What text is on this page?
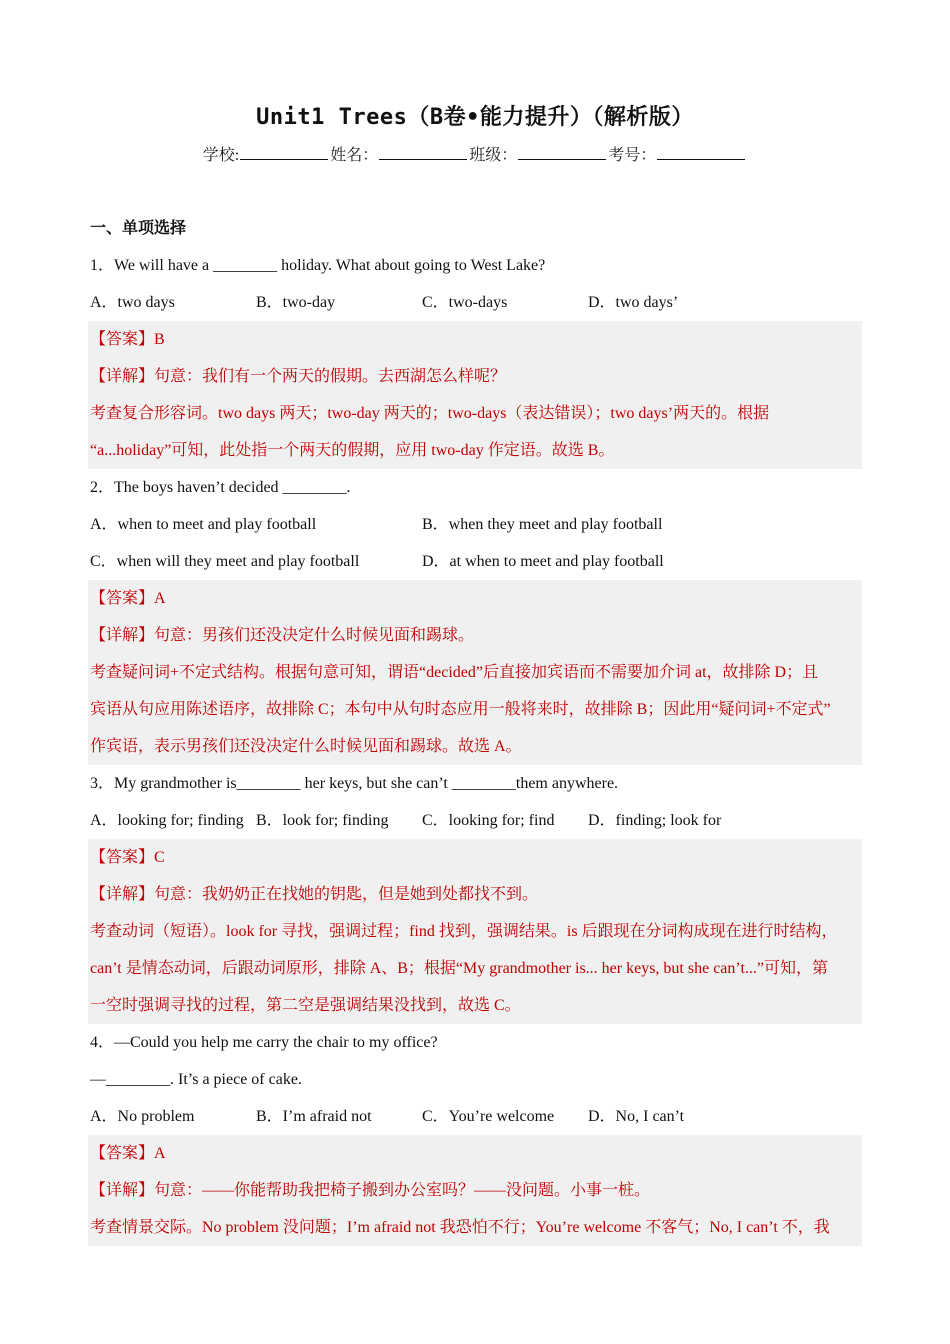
Unit1 Trees（B卷•能力提升）（解析版）
学校:	姓名：	班级：	考号：
一、单项选择
1．We will have a ________ holiday. What about going to West Lake?
A．two days	B．two-day	C．two-days	D．two days’
【答案】B
【详解】句意：我们有一个两天的假期。去西湖怎么样呢？
考查复合形容词。two days 两天；two-day 两天的；two-days（表达错误）；two days’两天的。根据
“a...holiday”可知，此处指一个两天的假期，应用 two-day 作定语。故选 B。
2．The boys haven’t decided ________.
A．when to meet and play football	B．when they meet and play football
C．when will they meet and play football	D．at when to meet and play football
【答案】A
【详解】句意：男孩们还没决定什么时候见面和踢球。
考查疑问词+不定式结构。根据句意可知，谓语“decided”后直接加宾语而不需要加介词 at，故排除 D；且
宾语从句应用陈述语序，故排除 C；本句中从句时态应用一般将来时，故排除 B；因此用“疑问词+不定式”
作宾语，表示男孩们还没决定什么时候见面和踢球。故选 A。
3．My grandmother is________ her keys, but she can’t ________them anywhere.
A．looking for; finding B．look for; finding	C．looking for; find	D．finding; look for
【答案】C
【详解】句意：我奶奶正在找她的钥匙，但是她到处都找不到。
考查动词（短语）。look for 寻找，强调过程；find 找到，强调结果。is 后跟现在分词构成现在进行时结构，
can’t 是情态动词，后跟动词原形，排除 A、B；根据“My grandmother is... her keys, but she can’t...”可知，第
一空时强调寻找的过程，第二空是强调结果没找到，故选 C。
4．—Could you help me carry the chair to my office?
—________. It’s a piece of cake.
A．No problem	B．I’m afraid not	C．You’re welcome	D．No, I can’t
【答案】A
【详解】句意：——你能帮助我把椅子搬到办公室吗？——没问题。小事一桩。
考查情景交际。No problem 没问题；I’m afraid not 我恐怕不行；You’re welcome 不客气；No, I can’t 不，我
